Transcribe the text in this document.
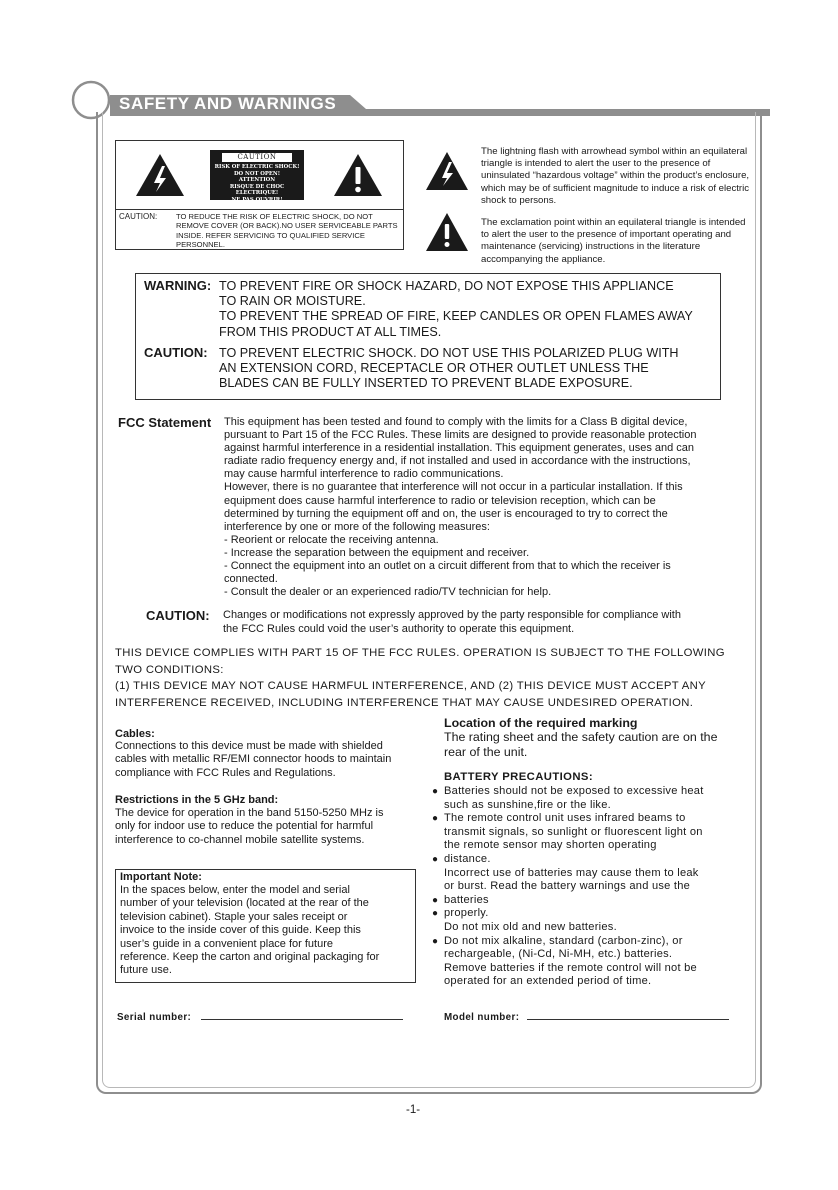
SAFETY AND WARNINGS
CAUTION
RISK OF ELECTRIC SHOCK!
DO NOT OPEN!
ATTENTION
RISQUE DE CHOC ELECTRIQUE!
NE PAS OUVRIR!
CAUTION: TO REDUCE THE RISK OF ELECTRIC SHOCK, DO NOT REMOVE COVER (OR BACK).NO USER SERVICEABLE PARTS INSIDE. REFER SERVICING TO QUALIFIED SERVICE PERSONNEL.
The lightning flash with arrowhead symbol within an equilateral triangle is intended to alert the user to the presence of uninsulated “hazardous voltage” within the product’s enclosure, which may be of sufficient magnitude to induce a risk of electric shock to persons.
The exclamation point within an equilateral triangle is intended to alert the user to the presence of important operating and maintenance (servicing) instructions in the literature accompanying the appliance.
WARNING: TO PREVENT FIRE OR SHOCK HAZARD, DO NOT EXPOSE THIS APPLIANCE
TO RAIN OR MOISTURE.
TO PREVENT THE SPREAD OF FIRE, KEEP CANDLES OR OPEN FLAMES AWAY
FROM THIS PRODUCT AT ALL TIMES.
CAUTION: TO PREVENT ELECTRIC SHOCK. DO NOT USE THIS POLARIZED PLUG WITH
AN EXTENSION CORD, RECEPTACLE OR OTHER OUTLET UNLESS THE
BLADES CAN BE FULLY INSERTED TO PREVENT BLADE EXPOSURE.
FCC Statement This equipment has been tested and found to comply with the limits for a Class B digital device,
pursuant to Part 15 of the FCC Rules. These limits are designed to provide reasonable protection
against harmful interference in a residential installation. This equipment generates, uses and can
radiate radio frequency energy and, if not installed and used in accordance with the instructions,
may cause harmful interference to radio communications.
However, there is no guarantee that interference will not occur in a particular installation. If this
equipment does cause harmful interference to radio or television reception, which can be
determined by turning the equipment off and on, the user is encouraged to try to correct the
interference by one or more of the following measures:
- Reorient or relocate the receiving antenna.
- Increase the separation between the equipment and receiver.
- Connect the equipment into an outlet on a circuit different from that to which the receiver is
connected.
- Consult the dealer or an experienced radio/TV technician for help.
CAUTION: Changes or modifications not expressly approved by the party responsible for compliance with
the FCC Rules could void the user’s authority to operate this equipment.
THIS DEVICE COMPLIES WITH PART 15 OF THE FCC RULES. OPERATION IS SUBJECT TO THE FOLLOWING
TWO CONDITIONS:
(1) THIS DEVICE MAY NOT CAUSE HARMFUL INTERFERENCE, AND (2) THIS DEVICE MUST ACCEPT ANY
INTERFERENCE RECEIVED, INCLUDING INTERFERENCE THAT MAY CAUSE UNDESIRED OPERATION.
Cables:
Connections to this device must be made with shielded
cables with metallic RF/EMI connector hoods to maintain
compliance with FCC Rules and Regulations.
Restrictions in the 5 GHz band:
The device for operation in the band 5150-5250 MHz is
only for indoor use to reduce the potential for harmful
interference to co-channel mobile satellite systems.
Important Note:
In the spaces below, enter the model and serial
number of your television (located at the rear of the
television cabinet). Staple your sales receipt or
invoice to the inside cover of this guide. Keep this
user’s guide in a convenient place for future
reference. Keep the carton and original packaging for
future use.
Location of the required marking
The rating sheet and the safety caution are on the
rear of the unit.
BATTERY PRECAUTIONS:
● Batteries should not be exposed to excessive heat
such as sunshine,fire or the like.
● The remote control unit uses infrared beams to
transmit signals, so sunlight or fluorescent light on
the remote sensor may shorten operating
● distance.
Incorrect use of batteries may cause them to leak
or burst. Read the battery warnings and use the
● batteries
● properly.
Do not mix old and new batteries.
● Do not mix alkaline, standard (carbon-zinc), or
rechargeable, (Ni-Cd, Ni-MH, etc.) batteries.
Remove batteries if the remote control will not be
operated for an extended period of time.
Serial number:	Model number:
-1-
